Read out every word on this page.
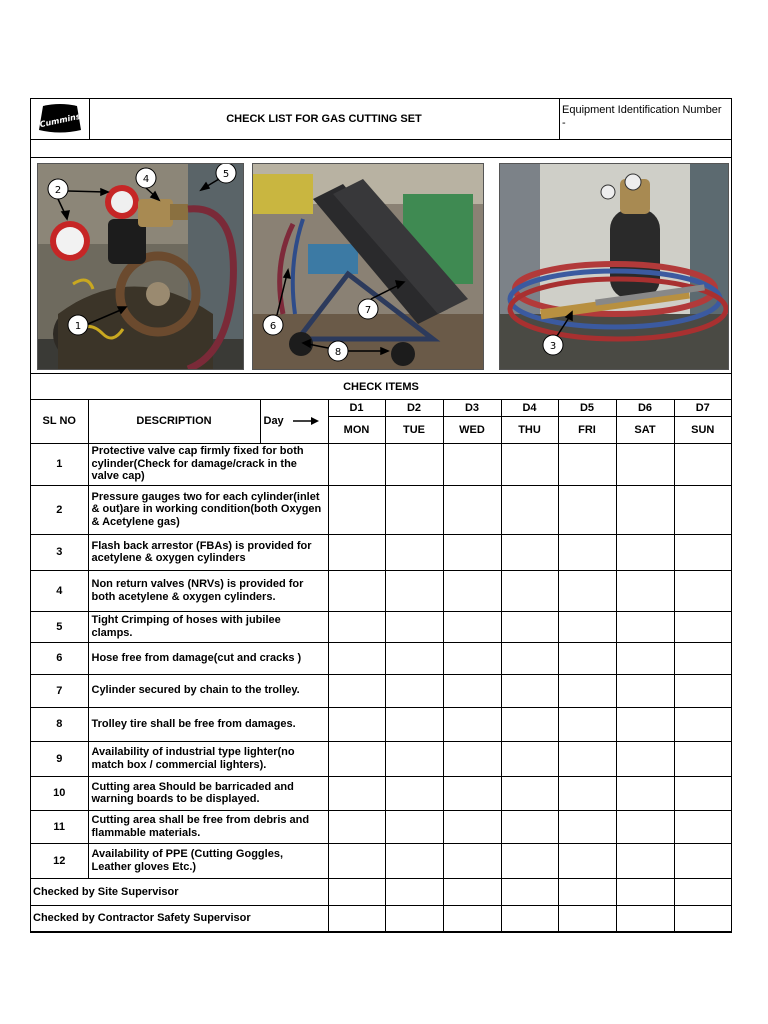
Cummins	CHECK LIST FOR GAS CUTTING SET
Equipment Identification Number
-
2
4	5
1
7
6
8
3
CHECK ITEMS
SL NO	DESCRIPTION	Day	D1	D2	D3	D4	D5	D6	D7
			MON	TUE	WED	THU	FRI	SAT	SUN
1	Protective valve cap firmly fixed for both cylinder(Check for damage/crack in the valve cap)								
2	Pressure gauges two for each cylinder(inlet & out)are in working condition(both Oxygen & Acetylene gas)								
3	Flash back arrestor (FBAs) is provided for acetylene & oxygen cylinders								
4	Non return valves (NRVs) is provided for both acetylene & oxygen cylinders.								
5	Tight Crimping of hoses with jubilee clamps.								
6	Hose free from damage(cut and cracks )								
7	Cylinder secured by chain to the trolley.								
8	Trolley tire shall be free from damages.								
9	Availability of industrial type lighter(no match box / commercial lighters).								
10	Cutting area Should be barricaded and warning boards to be displayed.								
11	Cutting area shall be free from debris and flammable materials.								
12	Availability of PPE (Cutting Goggles, Leather gloves Etc.)								
Checked by Site Supervisor									
Checked by Contractor Safety Supervisor									
